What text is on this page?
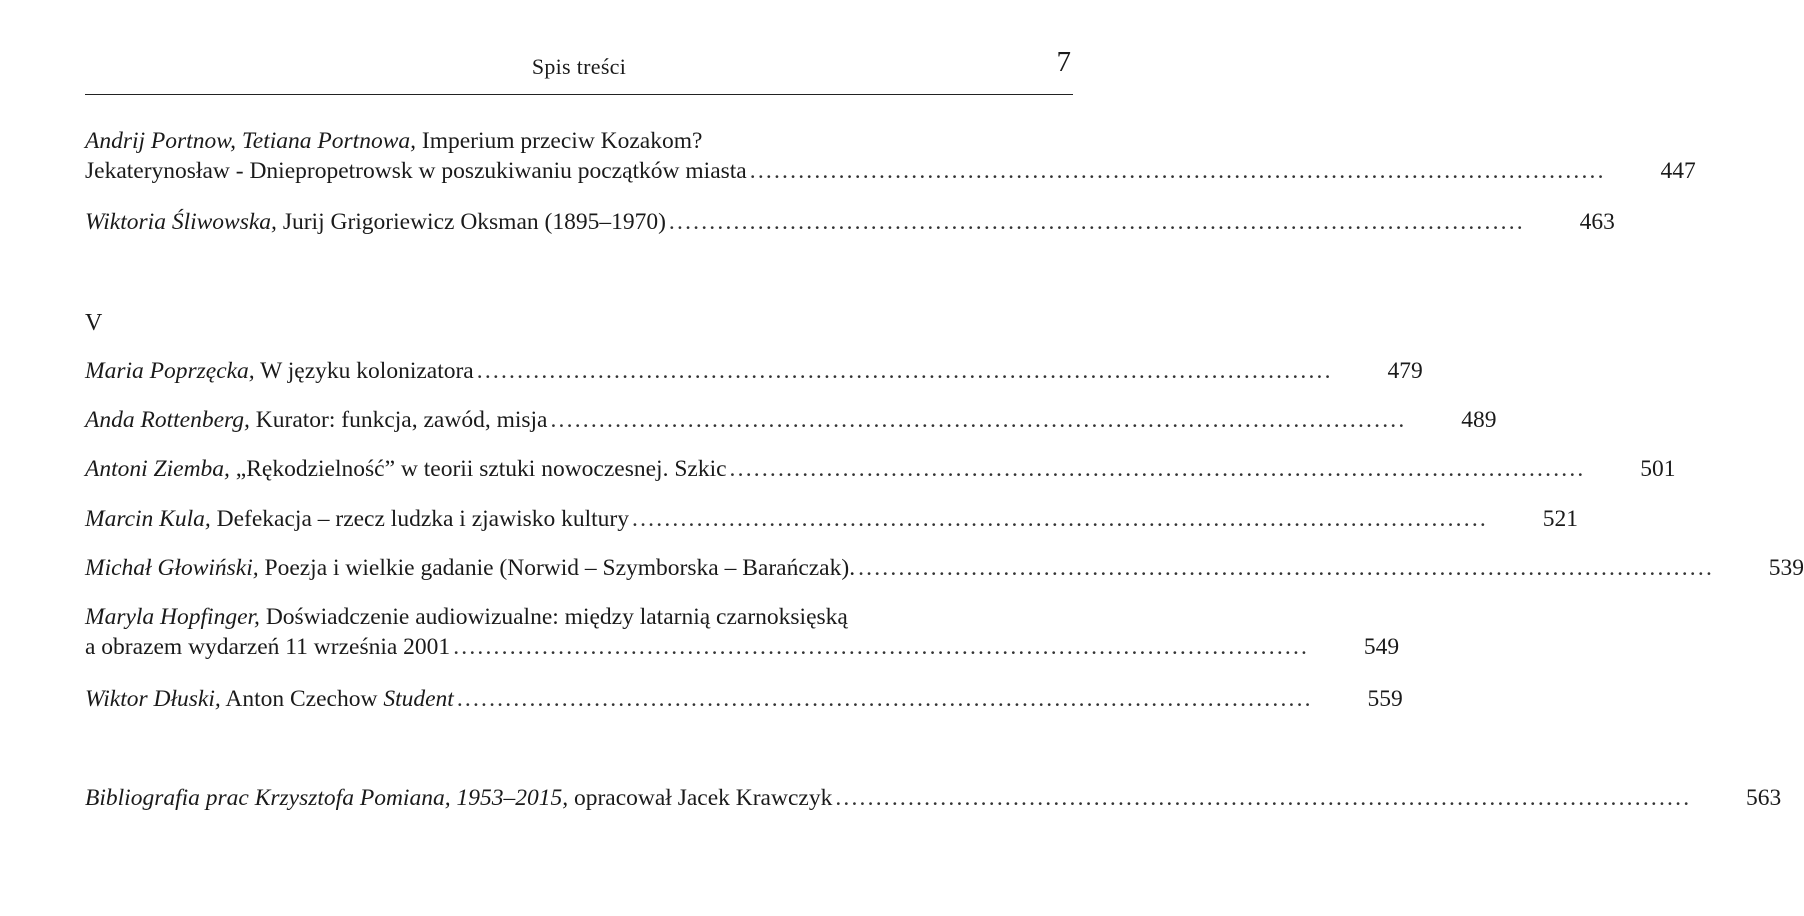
Spis treści	7
Andrij Portnow, Tetiana Portnowa, Imperium przeciw Kozakom?
Jekaterynosław - Dniepropetrowsk w poszukiwaniu początków miasta .......................................................................................................... 447
Wiktoria Śliwowska, Jurij Grigoriewicz Oksman (1895–1970) .......................................................................................................... 463
V
Maria Poprzęcka, W języku kolonizatora .......................................................................................................... 479
Anda Rottenberg, Kurator: funkcja, zawód, misja .......................................................................................................... 489
Antoni Ziemba, „Rękodzielność” w teorii sztuki nowoczesnej. Szkic .......................................................................................................... 501
Marcin Kula, Defekacja – rzecz ludzka i zjawisko kultury .......................................................................................................... 521
Michał Głowiński, Poezja i wielkie gadanie (Norwid – Szymborska – Barańczak). .......................................................................................................... 539
Maryla Hopfinger, Doświadczenie audiowizualne: między latarnią czarnoksięską
a obrazem wydarzeń 11 września 2001 .......................................................................................................... 549
Wiktor Dłuski, Anton Czechow Student .......................................................................................................... 559
Bibliografia prac Krzysztofa Pomiana, 1953–2015, opracował Jacek Krawczyk .......................................................................................................... 563
